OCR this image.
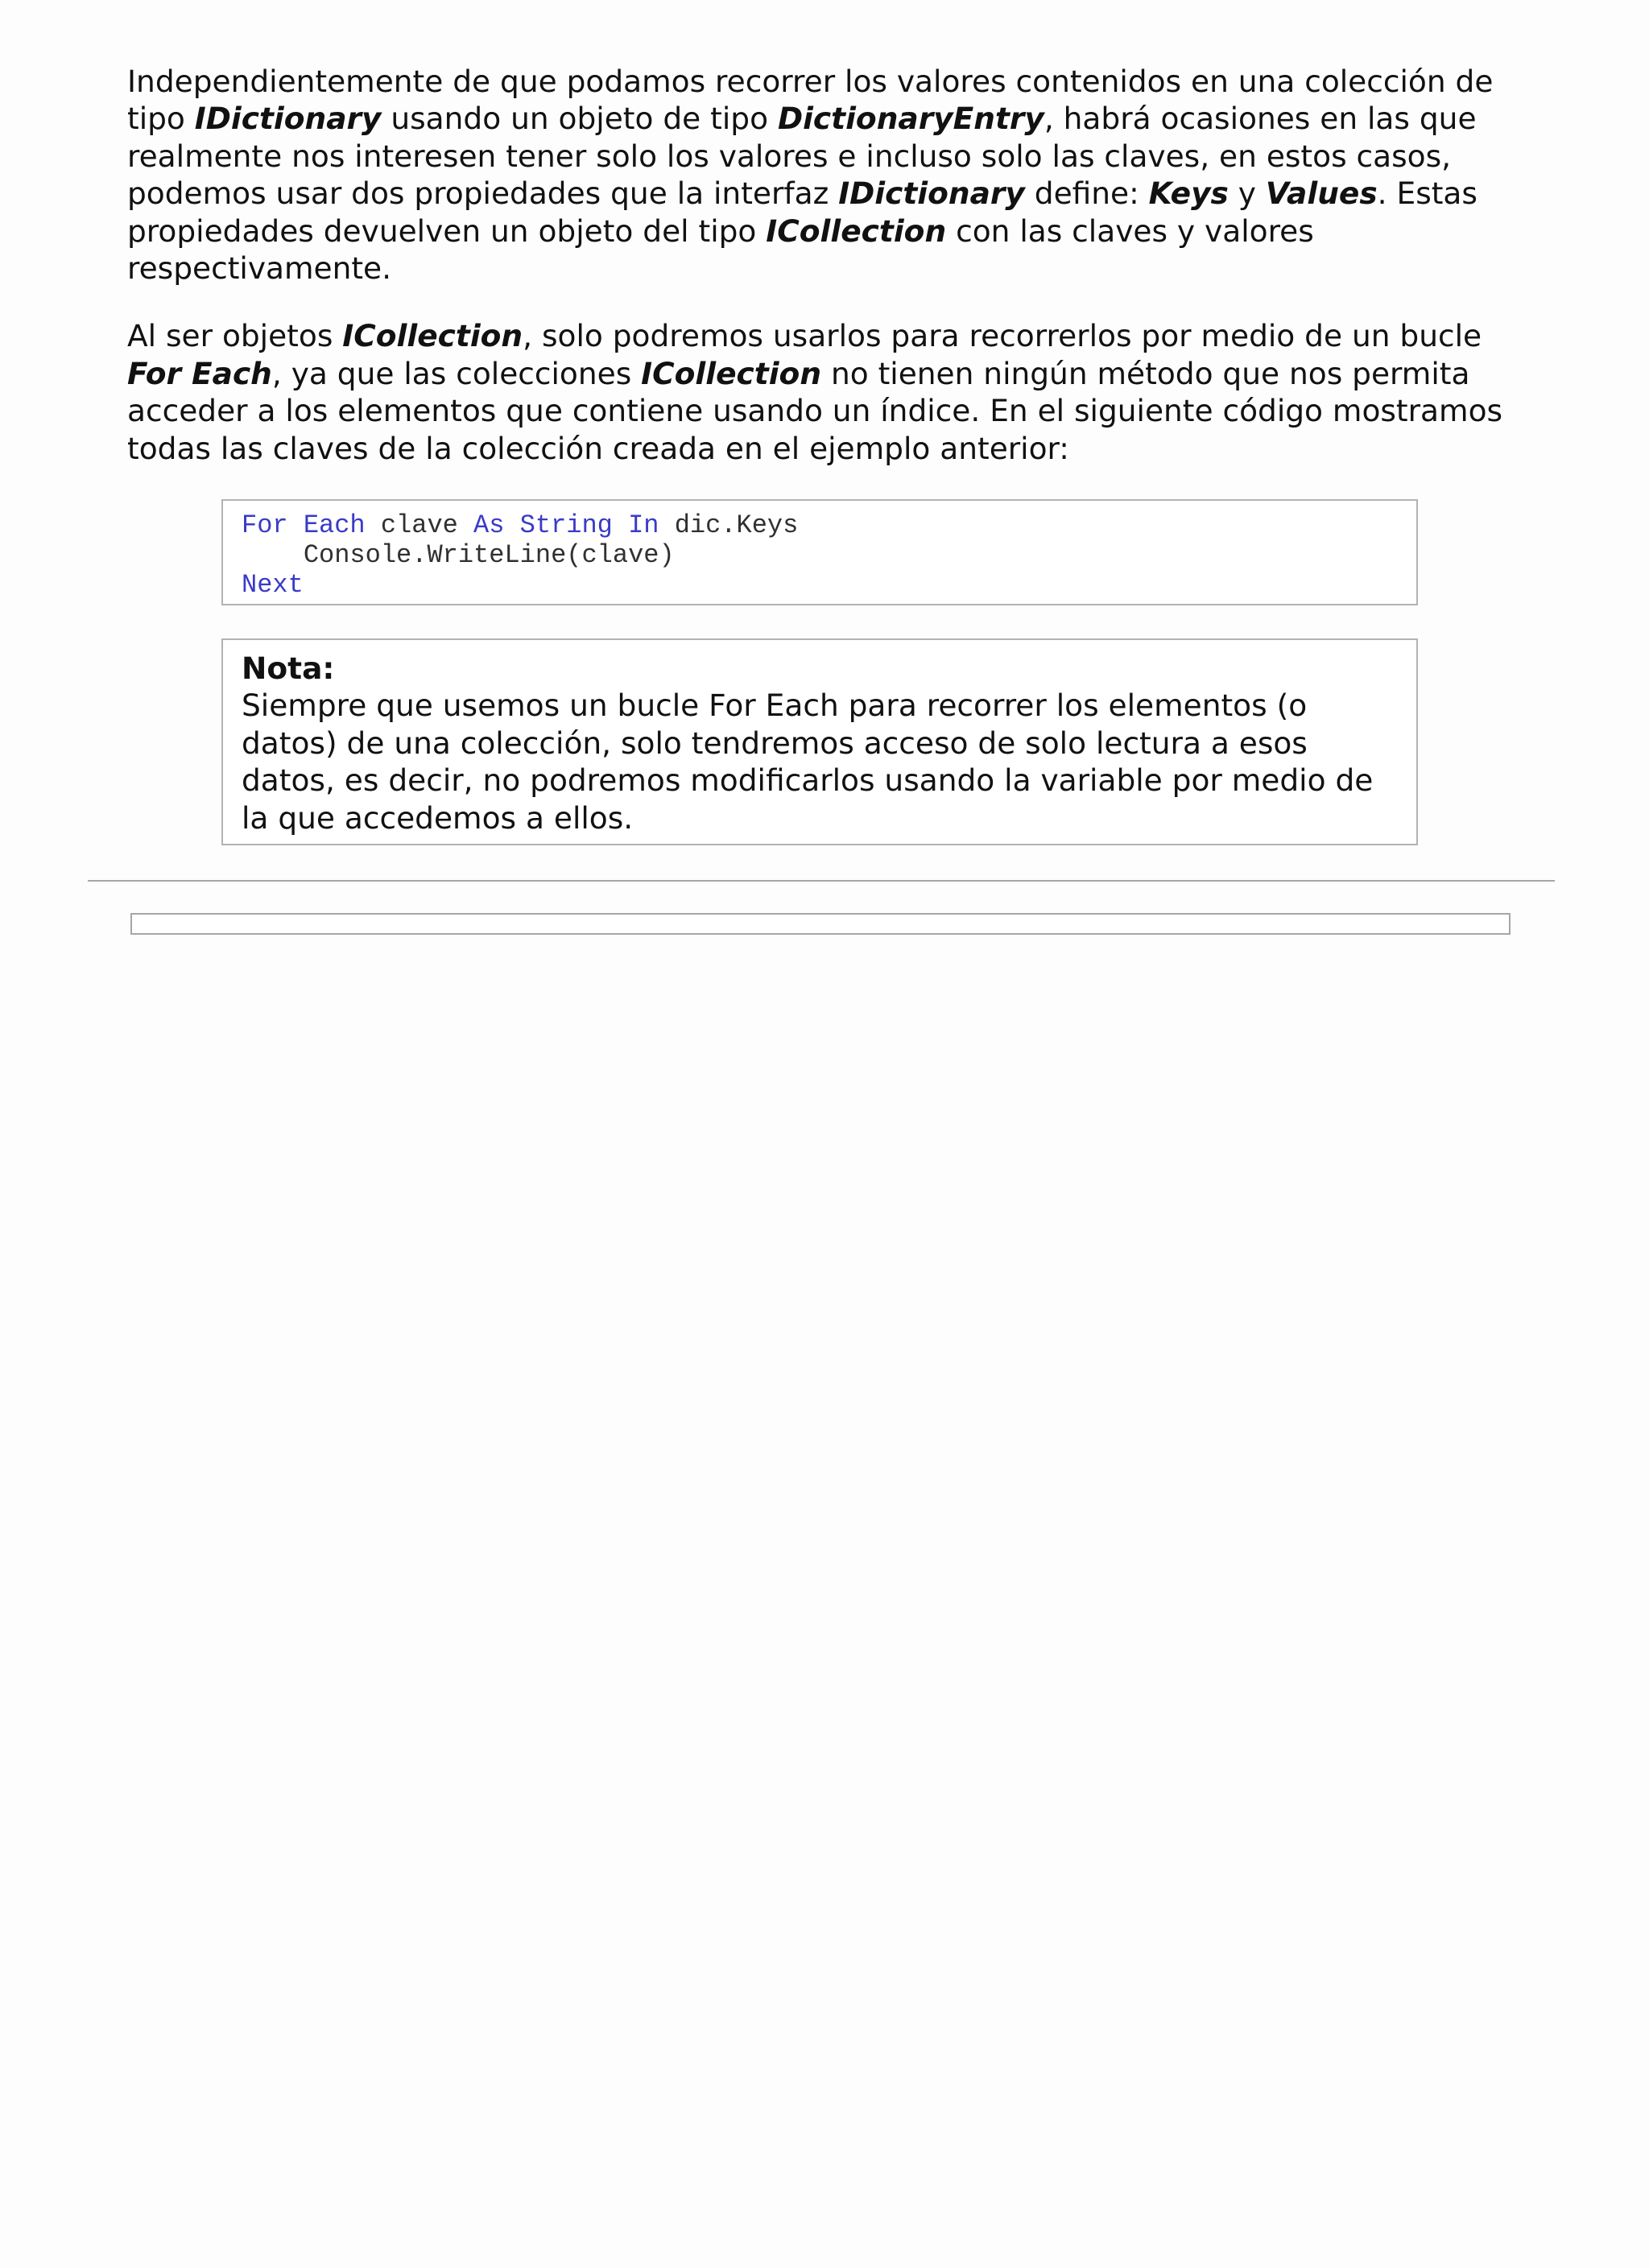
Independientemente de que podamos recorrer los valores contenidos en una colección de tipo IDictionary usando un objeto de tipo DictionaryEntry, habrá ocasiones en las que realmente nos interesen tener solo los valores e incluso solo las claves, en estos casos, podemos usar dos propiedades que la interfaz IDictionary define: Keys y Values. Estas propiedades devuelven un objeto del tipo ICollection con las claves y valores respectivamente.

Al ser objetos ICollection, solo podremos usarlos para recorrerlos por medio de un bucle For Each, ya que las colecciones ICollection no tienen ningún método que nos permita acceder a los elementos que contiene usando un índice. En el siguiente código mostramos todas las claves de la colección creada en el ejemplo anterior:

For Each clave As String In dic.Keys
Console.WriteLine(clave)
Next

Nota:

Siempre que usemos un bucle For Each para recorrer los elementos (o datos) de una colección, solo tendremos acceso de solo lectura a esos datos, es decir, no podremos modificarlos usando la variable por medio de la que accedemos a ellos.
